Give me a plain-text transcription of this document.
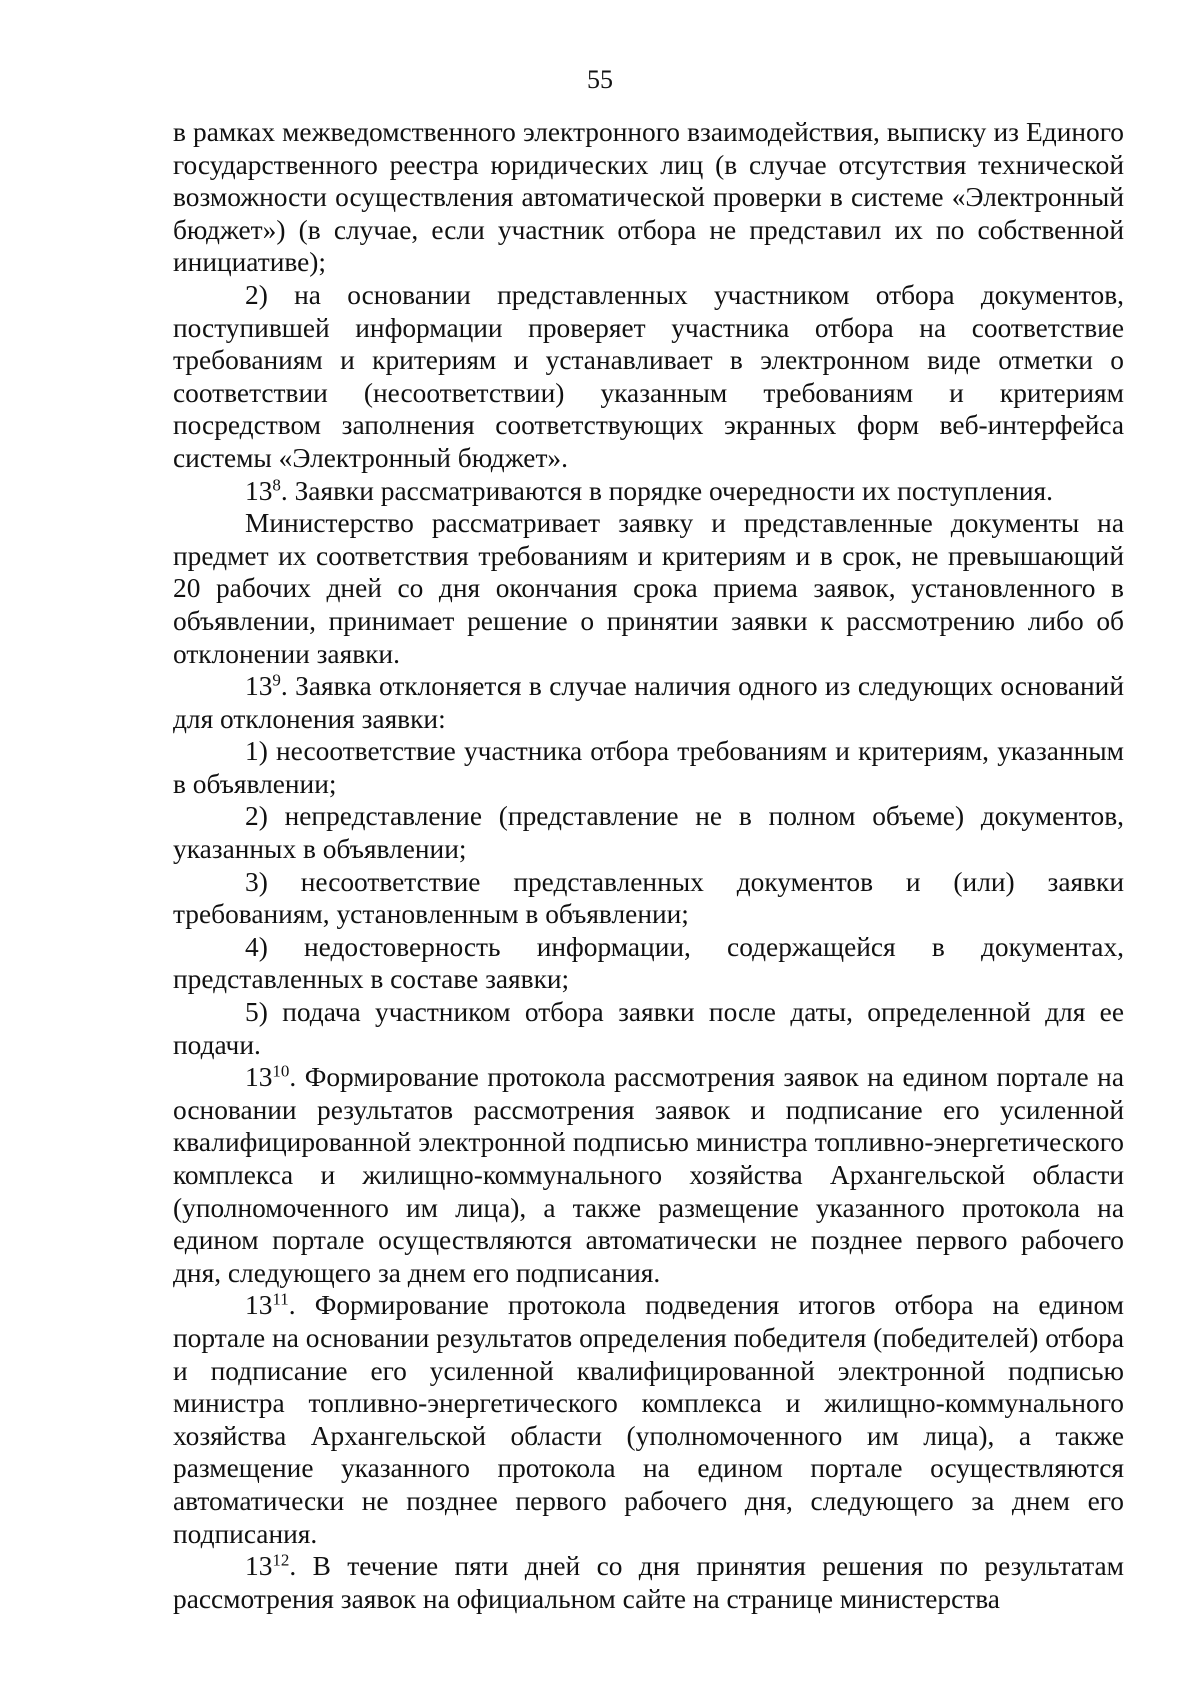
55

в рамках межведомственного электронного взаимодействия, выписку из Единого государственного реестра юридических лиц (в случае отсутствия технической возможности осуществления автоматической проверки в системе «Электронный бюджет») (в случае, если участник отбора не представил их по собственной инициативе);

2) на основании представленных участником отбора документов, поступившей информации проверяет участника отбора на соответствие требованиям и критериям и устанавливает в электронном виде отметки о соответствии (несоответствии) указанным требованиям и критериям посредством заполнения соответствующих экранных форм веб-интерфейса системы «Электронный бюджет».

$13^8$. Заявки рассматриваются в порядке очередности их поступления.

Министерство рассматривает заявку и представленные документы на предмет их соответствия требованиям и критериям и в срок, не превышающий 20 рабочих дней со дня окончания срока приема заявок, установленного в объявлении, принимает решение о принятии заявки к рассмотрению либо об отклонении заявки.

$13^9$. Заявка отклоняется в случае наличия одного из следующих оснований для отклонения заявки:

1) несоответствие участника отбора требованиям и критериям, указанным в объявлении;

2) непредставление (представление не в полном объеме) документов, указанных в объявлении;

3) несоответствие представленных документов и (или) заявки требованиям, установленным в объявлении;

4) недостоверность информации, содержащейся в документах, представленных в составе заявки;

5) подача участником отбора заявки после даты, определенной для ее подачи.

$13^{10}$. Формирование протокола рассмотрения заявок на едином портале на основании результатов рассмотрения заявок и подписание его усиленной квалифицированной электронной подписью министра топливно-энергетического комплекса и жилищно-коммунального хозяйства Архангельской области (уполномоченного им лица), а также размещение указанного протокола на едином портале осуществляются автоматически не позднее первого рабочего дня, следующего за днем его подписания.

$13^{11}$. Формирование протокола подведения итогов отбора на едином портале на основании результатов определения победителя (победителей) отбора и подписание его усиленной квалифицированной электронной подписью министра топливно-энергетического комплекса и жилищно-коммунального хозяйства Архангельской области (уполномоченного им лица), а также размещение указанного протокола на едином портале осуществляются автоматически не позднее первого рабочего дня, следующего за днем его подписания.

$13^{12}$. В течение пяти дней со дня принятия решения по результатам рассмотрения заявок на официальном сайте на странице министерства
